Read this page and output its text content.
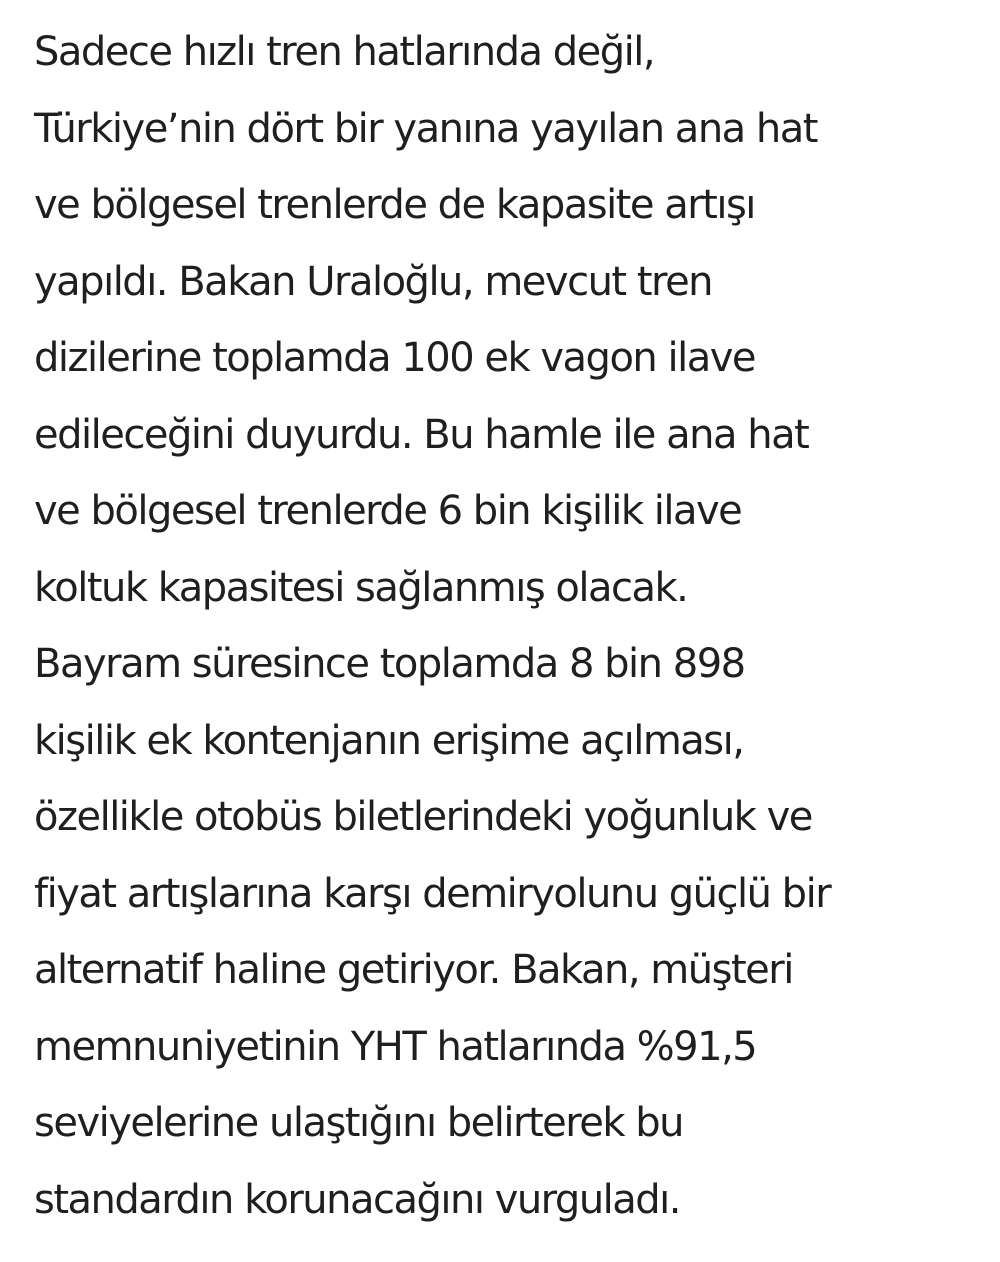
Sadece hızlı tren hatlarında değil,
Türkiye’nin dört bir yanına yayılan ana hat
ve bölgesel trenlerde de kapasite artışı
yapıldı. Bakan Uraloğlu, mevcut tren
dizilerine toplamda 100 ek vagon ilave
edileceğini duyurdu. Bu hamle ile ana hat
ve bölgesel trenlerde 6 bin kişilik ilave
koltuk kapasitesi sağlanmış olacak.
Bayram süresince toplamda 8 bin 898
kişilik ek kontenjanın erişime açılması,
özellikle otobüs biletlerindeki yoğunluk ve
fiyat artışlarına karşı demiryolunu güçlü bir
alternatif haline getiriyor. Bakan, müşteri
memnuniyetinin YHT hatlarında %91,5
seviyelerine ulaştığını belirterek bu
standardın korunacağını vurguladı.
